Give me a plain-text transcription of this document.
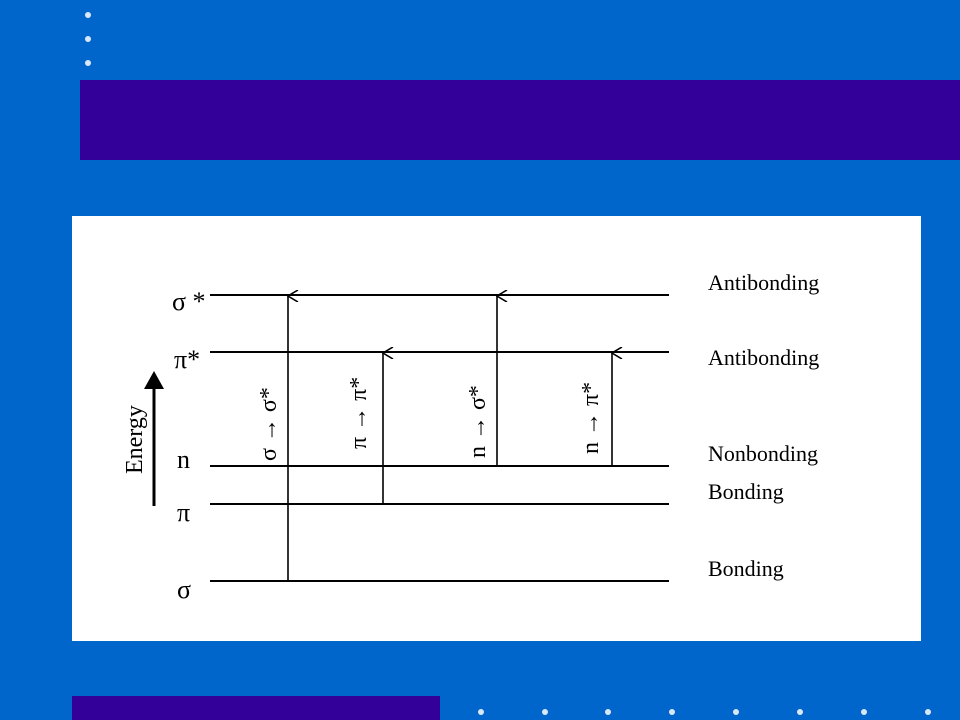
Energy
σ *
π*
n
π
σ
Antibonding
Antibonding
Nonbonding
Bonding
Bonding
σ → σ*	π → π*	n → σ*	n → π*
